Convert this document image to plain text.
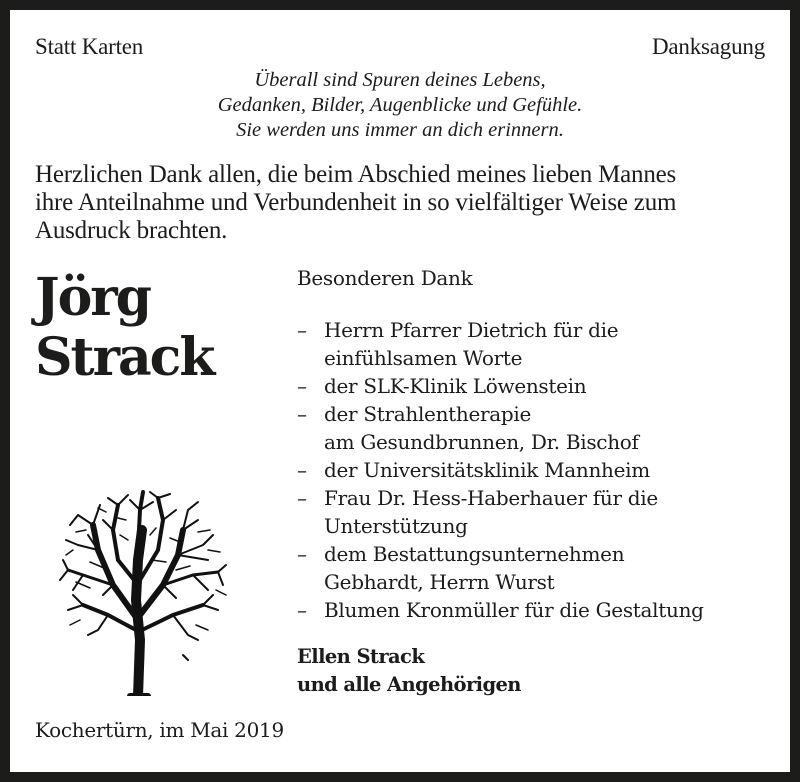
Statt Karten	Danksagung
Überall sind Spuren deines Lebens,
Gedanken, Bilder, Augenblicke und Gefühle.
Sie werden uns immer an dich erinnern.
Herzlichen Dank allen, die beim Abschied meines lieben Mannes
ihre Anteilnahme und Verbundenheit in so vielfältiger Weise zum
Ausdruck brachten.
Jörg
Strack
Besonderen Dank
– Herrn Pfarrer Dietrich für die
einfühlsamen Worte
– der SLK-Klinik Löwenstein
– der Strahlentherapie
am Gesundbrunnen, Dr. Bischof
– der Universitätsklinik Mannheim
– Frau Dr. Hess-Haberhauer für die
Unterstützung
– dem Bestattungsunternehmen
Gebhardt, Herrn Wurst
– Blumen Kronmüller für die Gestaltung
Ellen Strack
und alle Angehörigen
Kochertürn, im Mai 2019
